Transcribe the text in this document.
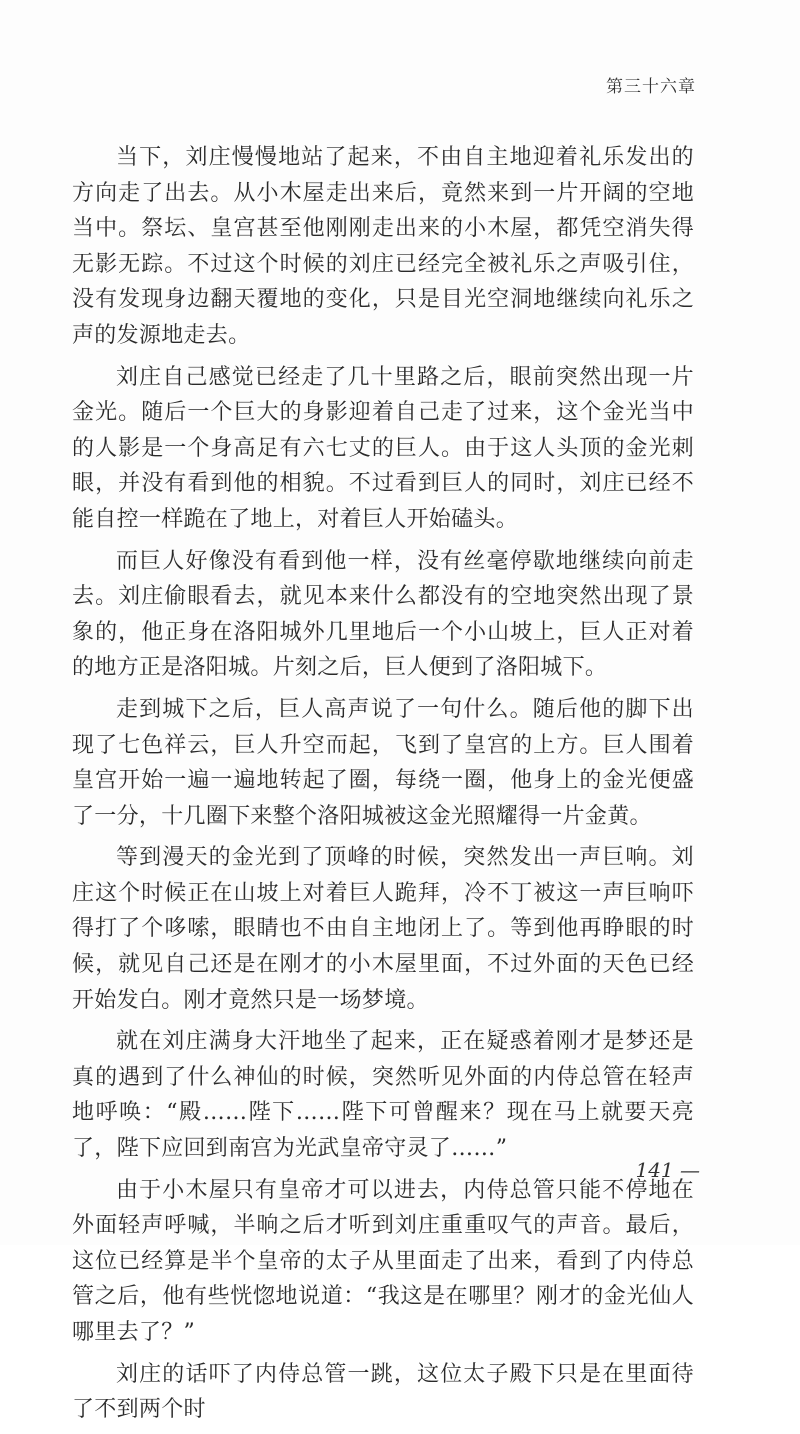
第三十六章

当下，刘庄慢慢地站了起来，不由自主地迎着礼乐发出的方向走了出去。从小木屋走出来后，竟然来到一片开阔的空地当中。祭坛、皇宫甚至他刚刚走出来的小木屋，都凭空消失得无影无踪。不过这个时候的刘庄已经完全被礼乐之声吸引住，没有发现身边翻天覆地的变化，只是目光空洞地继续向礼乐之声的发源地走去。

刘庄自己感觉已经走了几十里路之后，眼前突然出现一片金光。随后一个巨大的身影迎着自己走了过来，这个金光当中的人影是一个身高足有六七丈的巨人。由于这人头顶的金光刺眼，并没有看到他的相貌。不过看到巨人的同时，刘庄已经不能自控一样跪在了地上，对着巨人开始磕头。

而巨人好像没有看到他一样，没有丝毫停歇地继续向前走去。刘庄偷眼看去，就见本来什么都没有的空地突然出现了景象的，他正身在洛阳城外几里地后一个小山坡上，巨人正对着的地方正是洛阳城。片刻之后，巨人便到了洛阳城下。

走到城下之后，巨人高声说了一句什么。随后他的脚下出现了七色祥云，巨人升空而起，飞到了皇宫的上方。巨人围着皇宫开始一遍一遍地转起了圈，每绕一圈，他身上的金光便盛了一分，十几圈下来整个洛阳城被这金光照耀得一片金黄。

等到漫天的金光到了顶峰的时候，突然发出一声巨响。刘庄这个时候正在山坡上对着巨人跪拜，冷不丁被这一声巨响吓得打了个哆嗦，眼睛也不由自主地闭上了。等到他再睁眼的时候，就见自己还是在刚才的小木屋里面，不过外面的天色已经开始发白。刚才竟然只是一场梦境。

就在刘庄满身大汗地坐了起来，正在疑惑着刚才是梦还是真的遇到了什么神仙的时候，突然听见外面的内侍总管在轻声地呼唤：“殿……陛下……陛下可曾醒来？现在马上就要天亮了，陛下应回到南宫为光武皇帝守灵了……”

由于小木屋只有皇帝才可以进去，内侍总管只能不停地在外面轻声呼喊，半晌之后才听到刘庄重重叹气的声音。最后，这位已经算是半个皇帝的太子从里面走了出来，看到了内侍总管之后，他有些恍惚地说道：“我这是在哪里？刚才的金光仙人哪里去了？”

刘庄的话吓了内侍总管一跳，这位太子殿下只是在里面待了不到两个时

141 —
